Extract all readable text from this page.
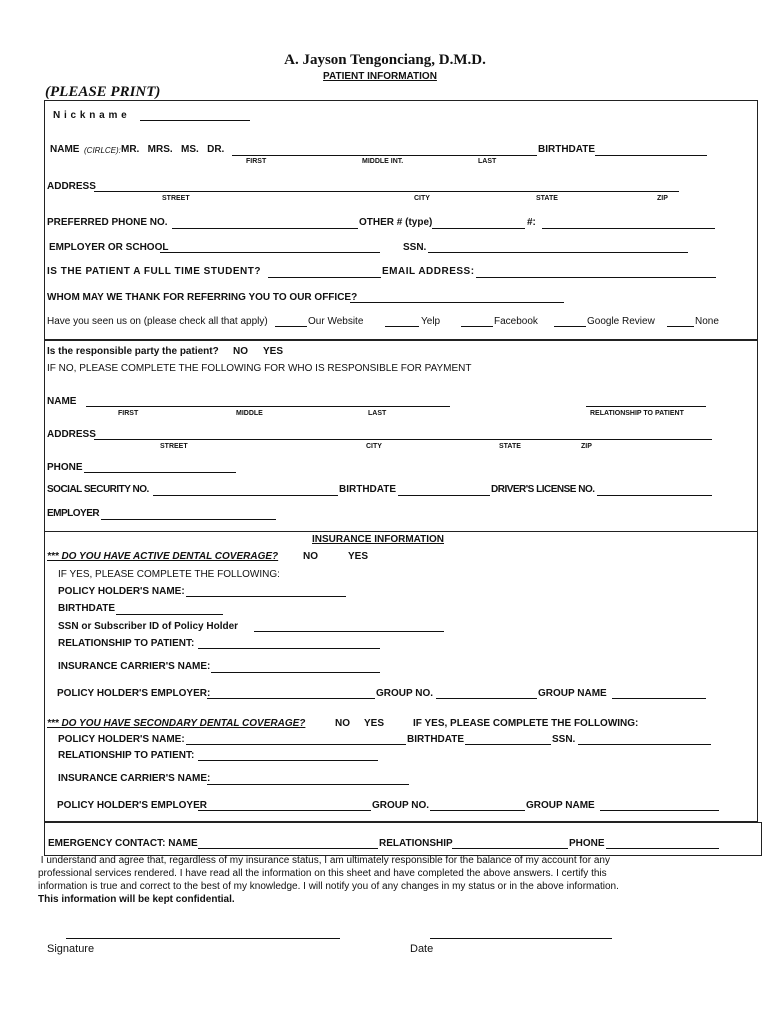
A. Jayson Tengonciang, D.M.D.
PATIENT INFORMATION
(PLEASE PRINT)
N i c k n a m e
NAME (CIRLCE): MR.   MRS.   MS.   DR.	BIRTHDATE
FIRST	MIDDLE INT.	LAST
ADDRESS
STREET	CITY	STATE	ZIP
PREFERRED PHONE NO.	OTHER # (type)	#:
EMPLOYER OR SCHOOL	SSN.
IS THE PATIENT A FULL TIME STUDENT?	EMAIL ADDRESS:
WHOM MAY WE THANK FOR REFERRING YOU TO OUR OFFICE?
Have you seen us on (please check all that apply)	Our Website	Yelp	Facebook	Google Review	None
Is the responsible party the patient? NO YES
IF NO, PLEASE COMPLETE THE FOLLOWING FOR WHO IS RESPONSIBLE FOR PAYMENT
NAME
FIRST	MIDDLE	LAST	RELATIONSHIP TO PATIENT
ADDRESS
STREET	CITY	STATE	ZIP
PHONE
SOCIAL SECURITY NO.	BIRTHDATE	DRIVER'S LICENSE NO.
EMPLOYER
INSURANCE INFORMATION
*** DO YOU HAVE ACTIVE DENTAL COVERAGE? NO	YES
IF YES, PLEASE COMPLETE THE FOLLOWING:
POLICY HOLDER'S NAME:
BIRTHDATE
SSN or Subscriber ID of Policy Holder
RELATIONSHIP TO PATIENT:
INSURANCE CARRIER'S NAME:
POLICY HOLDER'S EMPLOYER:	GROUP NO.	GROUP NAME
*** DO YOU HAVE SECONDARY DENTAL COVERAGE?	NO YES	IF YES, PLEASE COMPLETE THE FOLLOWING:
POLICY HOLDER'S NAME:	BIRTHDATE	SSN.
RELATIONSHIP TO PATIENT:
INSURANCE CARRIER'S NAME:
POLICY HOLDER'S EMPLOYER	GROUP NO.	GROUP NAME
EMERGENCY CONTACT: NAME	RELATIONSHIP	PHONE
I understand and agree that, regardless of my insurance status, I am ultimately responsible for the balance of my account for any
professional services rendered. I have read all the information on this sheet and have completed the above answers. I certify this
information is true and correct to the best of my knowledge. I will notify you of any changes in my status or in the above information.
This information will be kept confidential.
Signature	Date
